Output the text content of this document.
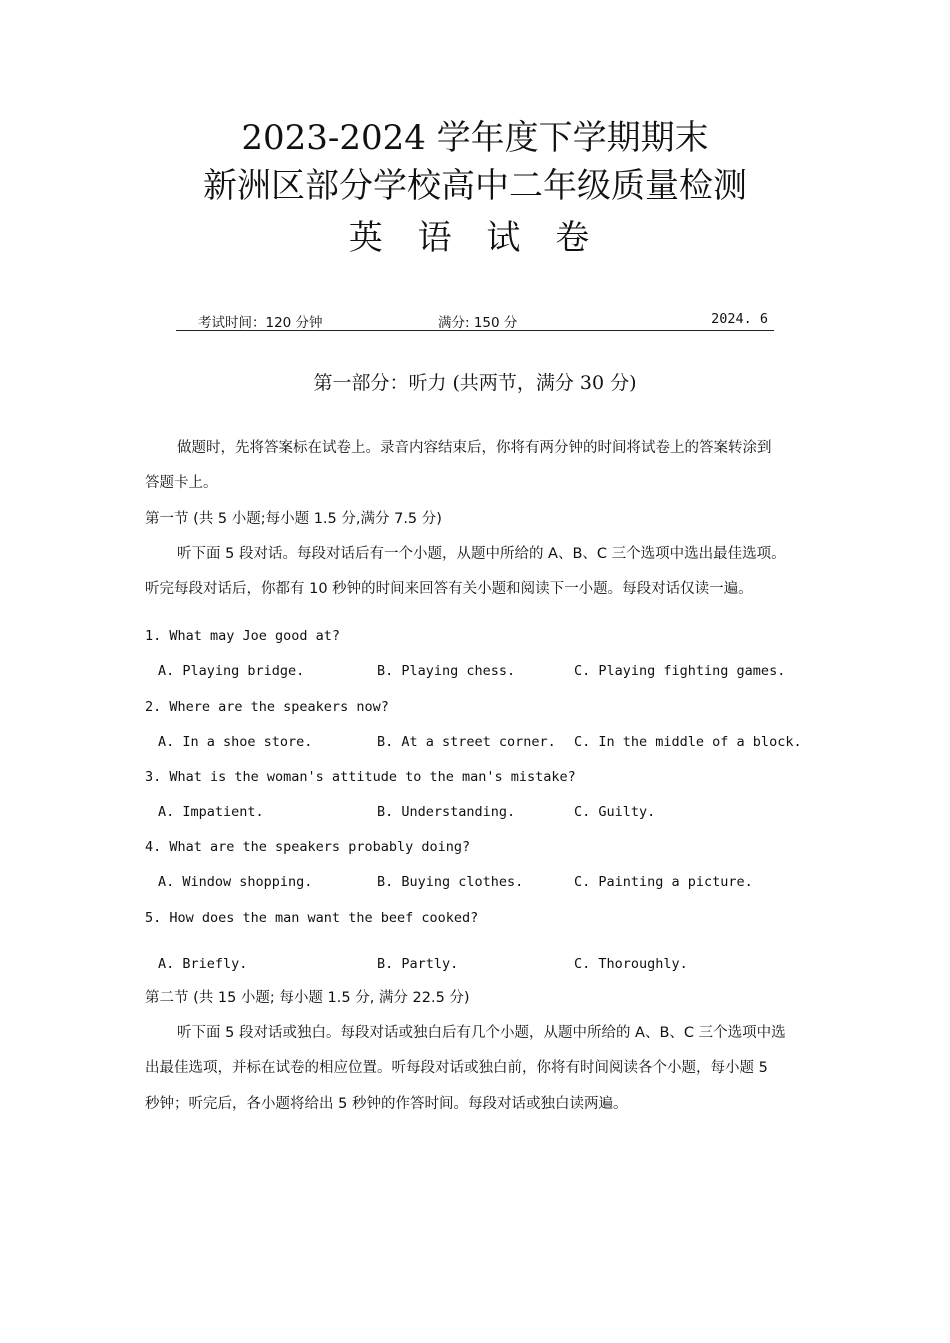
2023-2024 学年度下学期期末
新洲区部分学校高中二年级质量检测
英 语 试 卷
考试时间：120 分钟	满分: 150 分	2024. 6
第一部分：听力 (共两节，满分 30 分)
做题时，先将答案标在试卷上。录音内容结束后，你将有两分钟的时间将试卷上的答案转涂到
答题卡上。
第一节 (共 5 小题;每小题 1.5 分,满分 7.5 分)
听下面 5 段对话。每段对话后有一个小题，从题中所给的 A、B、C 三个选项中选出最佳选项。
听完每段对话后，你都有 10 秒钟的时间来回答有关小题和阅读下一小题。每段对话仅读一遍。
1. What may Joe good at?
A. Playing bridge.	B. Playing chess.	C. Playing fighting games.
2. Where are the speakers now?
A. In a shoe store.	B. At a street corner. C. In the middle of a block.
3. What is the woman's attitude to the man's mistake?
A. Impatient.	B. Understanding.	C. Guilty.
4. What are the speakers probably doing?
A. Window shopping.	B. Buying clothes.	C. Painting a picture.
5. How does the man want the beef cooked?
A. Briefly.	B. Partly.	C. Thoroughly.
第二节 (共 15 小题; 每小题 1.5 分, 满分 22.5 分)
听下面 5 段对话或独白。每段对话或独白后有几个小题，从题中所给的 A、B、C 三个选项中选
出最佳选项，并标在试卷的相应位置。听每段对话或独白前，你将有时间阅读各个小题，每小题 5
秒钟；听完后，各小题将给出 5 秒钟的作答时间。每段对话或独白读两遍。
